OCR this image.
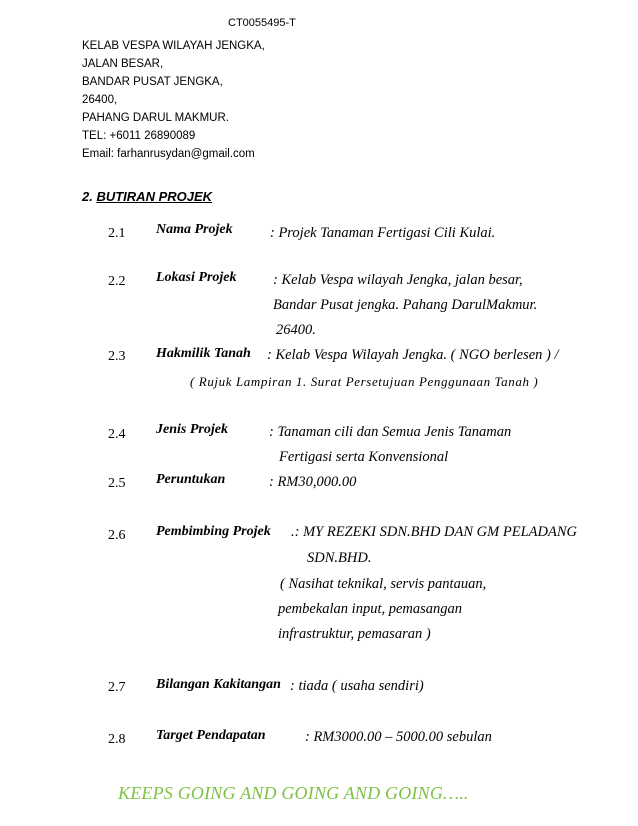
CT0055495-T
KELAB VESPA WILAYAH JENGKA,
JALAN BESAR,
BANDAR PUSAT JENGKA,
26400,
PAHANG DARUL MAKMUR.
TEL: +6011 26890089
Email: farhanrusydan@gmail.com
2. BUTIRAN PROJEK
2.1 Nama Projek	: Projek Tanaman Fertigasi Cili Kulai.
2.2 Lokasi Projek	: Kelab Vespa wilayah Jengka, jalan besar,
Bandar Pusat jengka. Pahang DarulMakmur.
26400.
2.3 Hakmilik Tanah : Kelab Vespa Wilayah Jengka. ( NGO berlesen ) /
( Rujuk Lampiran 1. Surat Persetujuan Penggunaan Tanah )
2.4 Jenis Projek	: Tanaman cili dan Semua Jenis Tanaman
Fertigasi serta Konvensional
2.5 Peruntukan	: RM30,000.00
2.6 Pembimbing Projek .: MY REZEKI SDN.BHD DAN GM PELADANG
SDN.BHD.
( Nasihat teknikal, servis pantauan,
pembekalan input, pemasangan
infrastruktur, pemasaran )
2.7 Bilangan Kakitangan : tiada ( usaha sendiri)
2.8 Target Pendapatan	: RM3000.00 – 5000.00 sebulan
KEEPS GOING AND GOING AND GOING…..
